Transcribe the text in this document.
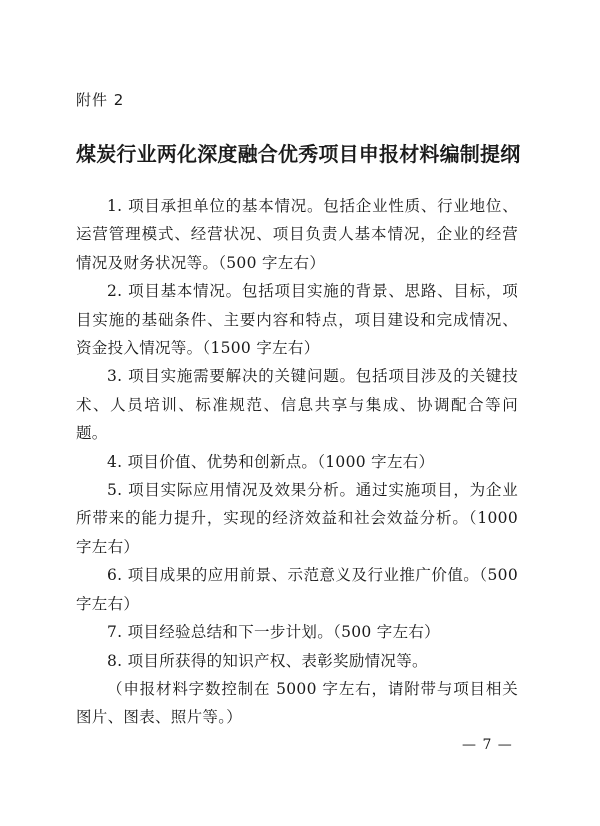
附件 2
煤炭行业两化深度融合优秀项目申报材料编制提纲

1. 项目承担单位的基本情况。包括企业性质、行业地位、运营管理模式、经营状况、项目负责人基本情况，企业的经营情况及财务状况等。（500 字左右）

2. 项目基本情况。包括项目实施的背景、思路、目标，项目实施的基础条件、主要内容和特点，项目建设和完成情况、资金投入情况等。（1500 字左右）

3. 项目实施需要解决的关键问题。包括项目涉及的关键技术、人员培训、标准规范、信息共享与集成、协调配合等问题。

4. 项目价值、优势和创新点。（1000 字左右）

5. 项目实际应用情况及效果分析。通过实施项目，为企业所带来的能力提升，实现的经济效益和社会效益分析。（1000 字左右）

6. 项目成果的应用前景、示范意义及行业推广价值。（500 字左右）

7. 项目经验总结和下一步计划。（500 字左右）

8. 项目所获得的知识产权、表彰奖励情况等。

（申报材料字数控制在 5000 字左右，请附带与项目相关图片、图表、照片等。）

— 7 —
